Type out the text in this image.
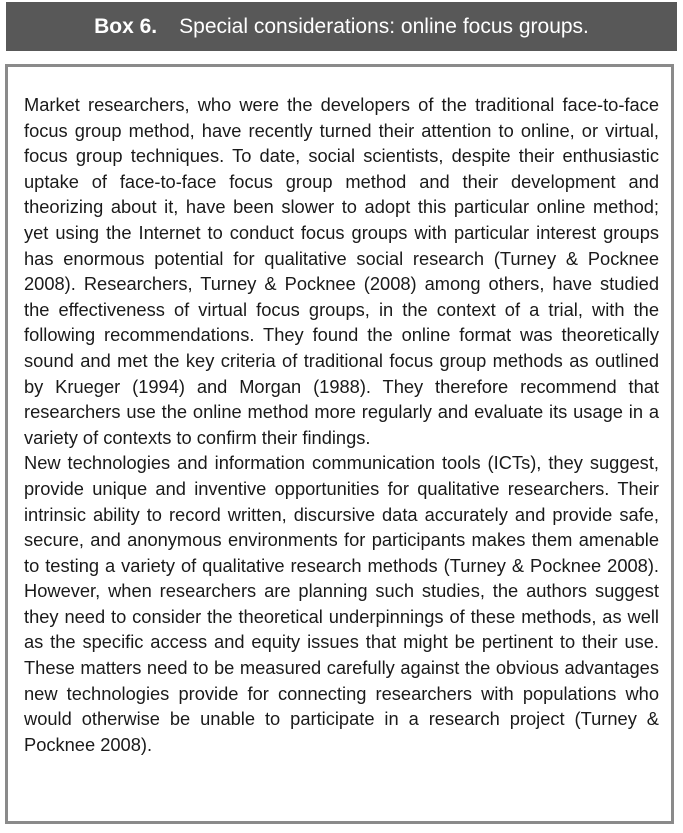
Box 6. Special considerations: online focus groups.

Market researchers, who were the developers of the traditional face-to-face focus group method, have recently turned their attention to online, or virtual, focus group techniques. To date, social scientists, despite their enthusiastic uptake of face-to-face focus group method and their development and theorizing about it, have been slower to adopt this particular online method; yet using the Internet to conduct focus groups with particular interest groups has enormous potential for qualitative social research (Turney & Pocknee 2008). Researchers, Turney & Pocknee (2008) among others, have studied the effectiveness of virtual focus groups, in the context of a trial, with the following recommendations. They found the online format was theoretically sound and met the key criteria of traditional focus group methods as outlined by Krueger (1994) and Morgan (1988). They therefore recommend that researchers use the online method more regularly and evaluate its usage in a variety of contexts to confirm their findings.

New technologies and information communication tools (ICTs), they suggest, provide unique and inventive opportunities for qualitative researchers. Their intrinsic ability to record written, discursive data accurately and provide safe, secure, and anonymous environments for participants makes them amenable to testing a variety of qualitative research methods (Turney & Pocknee 2008). However, when researchers are planning such studies, the authors suggest they need to consider the theoretical underpinnings of these methods, as well as the specific access and equity issues that might be pertinent to their use. These matters need to be measured carefully against the obvious advantages new technologies provide for connecting researchers with populations who would otherwise be unable to participate in a research project (Turney & Pocknee 2008).
